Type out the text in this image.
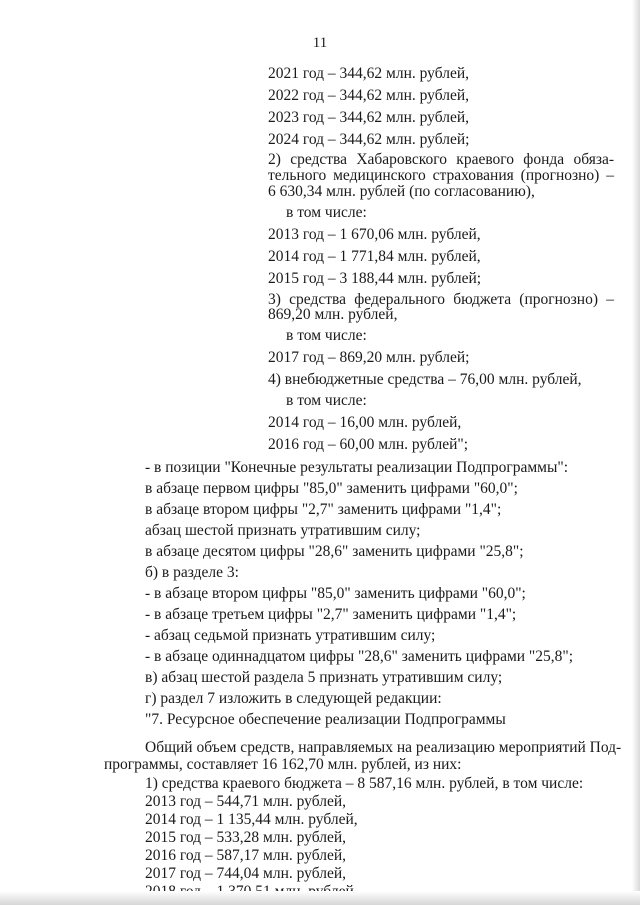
11
2021 год – 344,62 млн. рублей,
2022 год – 344,62 млн. рублей,
2023 год – 344,62 млн. рублей,
2024 год – 344,62 млн. рублей;
2) средства Хабаровского краевого фонда обяза-
тельного медицинского страхования (прогнозно) –
6 630,34 млн. рублей (по согласованию),
в том числе:
2013 год – 1 670,06 млн. рублей,
2014 год – 1 771,84 млн. рублей,
2015 год – 3 188,44 млн. рублей;
3) средства федерального бюджета (прогнозно) –
869,20 млн. рублей,
в том числе:
2017 год – 869,20 млн. рублей;
4) внебюджетные средства – 76,00 млн. рублей,
в том числе:
2014 год – 16,00 млн. рублей,
2016 год – 60,00 млн. рублей";
- в позиции "Конечные результаты реализации Подпрограммы":
в абзаце первом цифры "85,0" заменить цифрами "60,0";
в абзаце втором цифры "2,7" заменить цифрами "1,4";
абзац шестой признать утратившим силу;
в абзаце десятом цифры "28,6" заменить цифрами "25,8";
б) в разделе 3:
- в абзаце втором цифры "85,0" заменить цифрами "60,0";
- в абзаце третьем цифры "2,7" заменить цифрами "1,4";
- абзац седьмой признать утратившим силу;
- в абзаце одиннадцатом цифры "28,6" заменить цифрами "25,8";
в) абзац шестой раздела 5 признать утратившим силу;
г) раздел 7 изложить в следующей редакции:
"7. Ресурсное обеспечение реализации Подпрограммы
Общий объем средств, направляемых на реализацию мероприятий Под-
программы, составляет 16 162,70 млн. рублей, из них:
1) средства краевого бюджета – 8 587,16 млн. рублей, в том числе:
2013 год – 544,71 млн. рублей,
2014 год – 1 135,44 млн. рублей,
2015 год – 533,28 млн. рублей,
2016 год – 587,17 млн. рублей,
2017 год – 744,04 млн. рублей,
